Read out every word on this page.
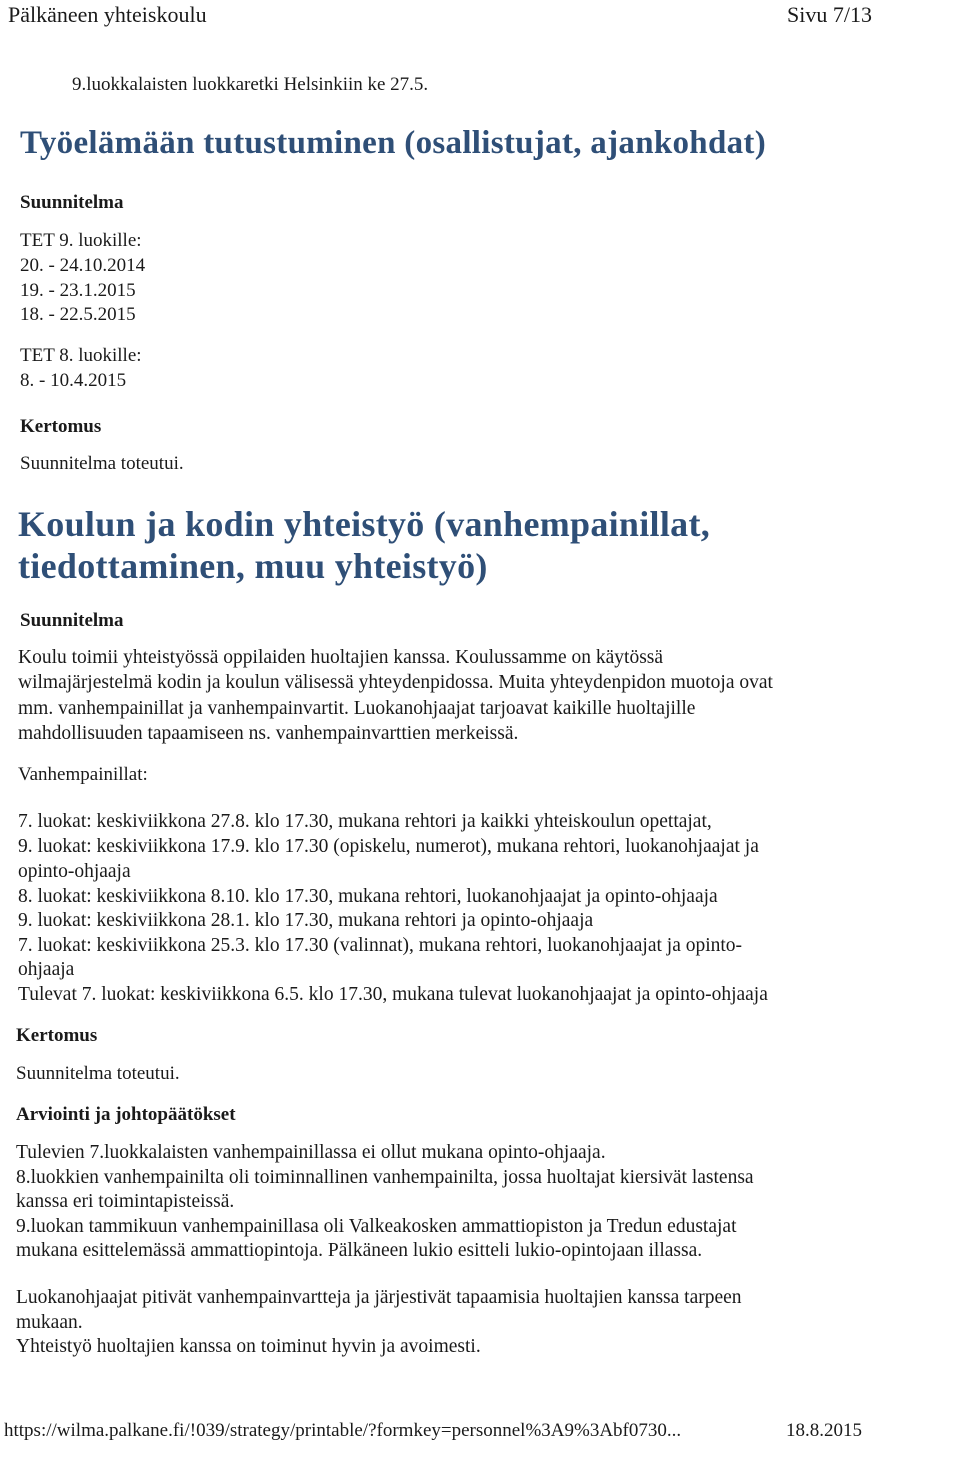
Pälkäneen yhteiskoulu	Sivu 7/13
9.luokkalaisten luokkaretki Helsinkiin ke 27.5.
Työelämään tutustuminen (osallistujat, ajankohdat)
Suunnitelma
TET 9. luokille:
20. - 24.10.2014
19. - 23.1.2015
18. - 22.5.2015
TET 8. luokille:
8. - 10.4.2015
Kertomus
Suunnitelma toteutui.
Koulun ja kodin yhteistyö (vanhempainillat,
tiedottaminen, muu yhteistyö)
Suunnitelma
Koulu toimii yhteistyössä oppilaiden huoltajien kanssa. Koulussamme on käytössä
wilmajärjestelmä kodin ja koulun välisessä yhteydenpidossa. Muita yhteydenpidon muotoja ovat
mm. vanhempainillat ja vanhempainvartit. Luokanohjaajat tarjoavat kaikille huoltajille
mahdollisuuden tapaamiseen ns. vanhempainvarttien merkeissä.
Vanhempainillat:
7. luokat: keskiviikkona 27.8. klo 17.30, mukana rehtori ja kaikki yhteiskoulun opettajat,
9. luokat: keskiviikkona 17.9. klo 17.30 (opiskelu, numerot), mukana rehtori, luokanohjaajat ja
opinto-ohjaaja
8. luokat: keskiviikkona 8.10. klo 17.30, mukana rehtori, luokanohjaajat ja opinto-ohjaaja
9. luokat: keskiviikkona 28.1. klo 17.30, mukana rehtori ja opinto-ohjaaja
7. luokat: keskiviikkona 25.3. klo 17.30 (valinnat), mukana rehtori, luokanohjaajat ja opinto-
ohjaaja
Tulevat 7. luokat: keskiviikkona 6.5. klo 17.30, mukana tulevat luokanohjaajat ja opinto-ohjaaja
Kertomus
Suunnitelma toteutui.
Arviointi ja johtopäätökset
Tulevien 7.luokkalaisten vanhempainillassa ei ollut mukana opinto-ohjaaja.
8.luokkien vanhempainilta oli toiminnallinen vanhempainilta, jossa huoltajat kiersivät lastensa
kanssa eri toimintapisteissä.
9.luokan tammikuun vanhempainillasa oli Valkeakosken ammattiopiston ja Tredun edustajat
mukana esittelemässä ammattiopintoja. Pälkäneen lukio esitteli lukio-opintojaan illassa.
Luokanohjaajat pitivät vanhempainvartteja ja järjestivät tapaamisia huoltajien kanssa tarpeen
mukaan.
Yhteistyö huoltajien kanssa on toiminut hyvin ja avoimesti.
https://wilma.palkane.fi/!039/strategy/printable/?formkey=personnel%3A9%3Abf0730...	18.8.2015
